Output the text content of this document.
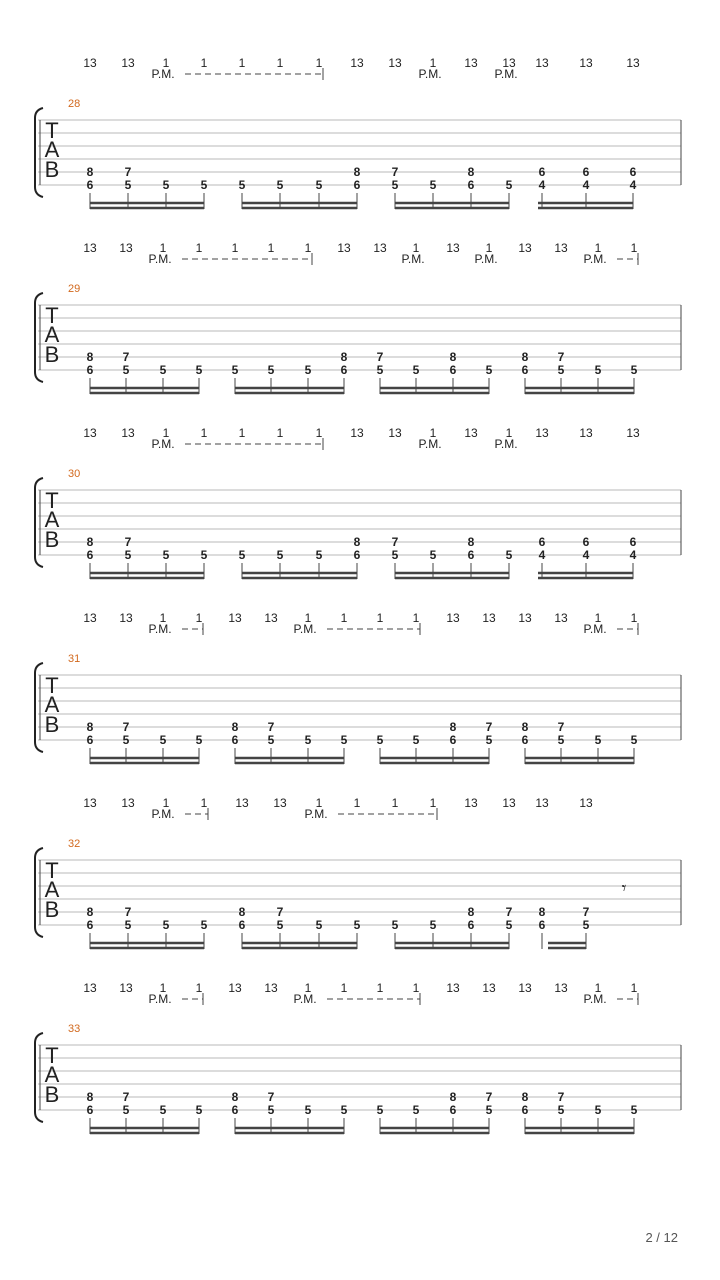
T
A
B
28
8
6
7
5	5	5	5	5	5
8
6
7
5	5
8
6	5
6
4
6
4
6
4
13 13 1	1	1	1	1 13 13 1 13 13 13	13	13
P.M.	P.M.	P.M.
T
A
B
29
8
6
7
5	5 5 5 5	5
8
6
7
5 5
8
6 5
8
6
7
5	5 5
13 13 1 1 1 1	1 13 13 1 13 1 13 13 1 1
P.M.	P.M.	P.M.	P.M.
T
A
B
30
8
6
7
5	5	5	5	5	5
8
6
7
5	5
8
6	5
6
4
6
4
6
4
13 13 1	1	1	1	1 13 13 1 13 1 13	13	13
P.M.	P.M.	P.M.
T
A
B
31
8
6
7
5	5 5
8
6
7
5	5 5 5 5
8
6
7
5
8
6
7
5	5 5
13 13 1 1 13 13 1 1 1 1 13 13 13 13 1 1
P.M.	P.M.	P.M.
T
A
B
32
8
6
7
5	5	5
8
6
7
5	5	5	5	5
8
6
7
5
8
6
7
5
𝄾
13 13 1	1 13 13 1	1	1	1 13 13 13	13
P.M.	P.M.
T
A
B
33
8
6
7
5	5 5
8
6
7
5	5 5 5 5
8
6
7
5
8
6
7
5	5 5
13 13 1 1 13 13 1 1 1 1 13 13 13 13 1 1
P.M.	P.M.	P.M.
2 / 12
